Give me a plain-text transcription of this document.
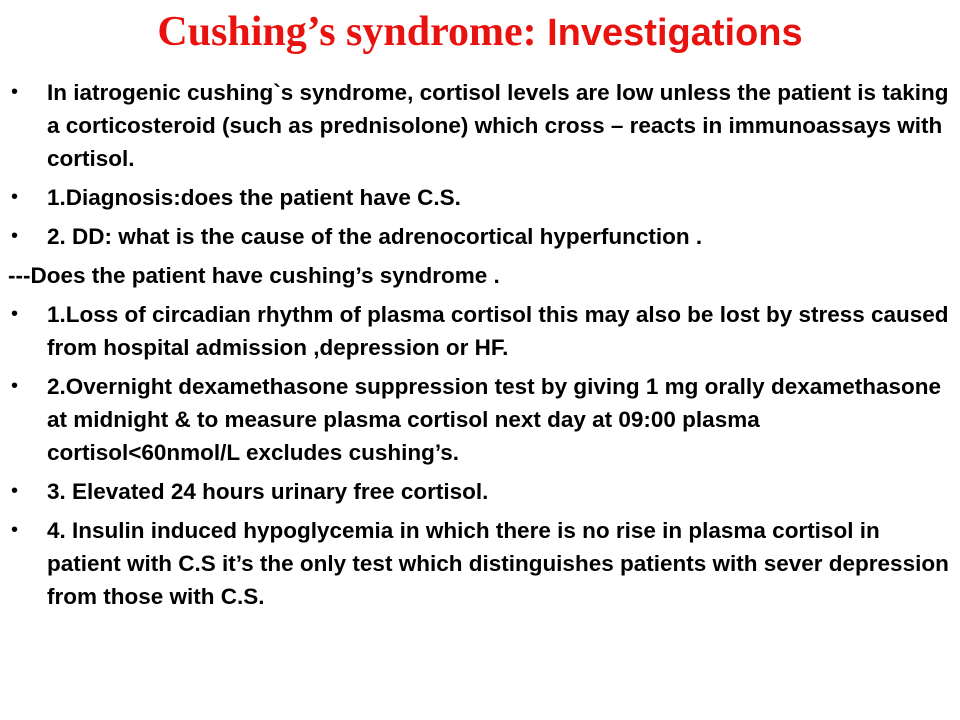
Cushing’s syndrome: Investigations
• In iatrogenic cushing`s syndrome, cortisol levels are low unless the patient is taking a corticosteroid (such as prednisolone) which cross – reacts in immunoassays with cortisol.
• 1.Diagnosis:does the patient have C.S.
• 2. DD: what is the cause of the adrenocortical hyperfunction .
---Does the patient have cushing’s syndrome .
• 1.Loss of circadian rhythm of plasma cortisol this may also be lost by stress caused from hospital admission ,depression or HF.
• 2.Overnight dexamethasone suppression test by giving 1 mg orally dexamethasone at midnight & to measure plasma cortisol next day at 09:00 plasma cortisol<60nmol/L excludes cushing’s.
• 3. Elevated 24 hours urinary free cortisol.
• 4. Insulin induced hypoglycemia in which there is no rise in plasma cortisol in patient with C.S it’s the only test which distinguishes patients with sever depression from those with C.S.
